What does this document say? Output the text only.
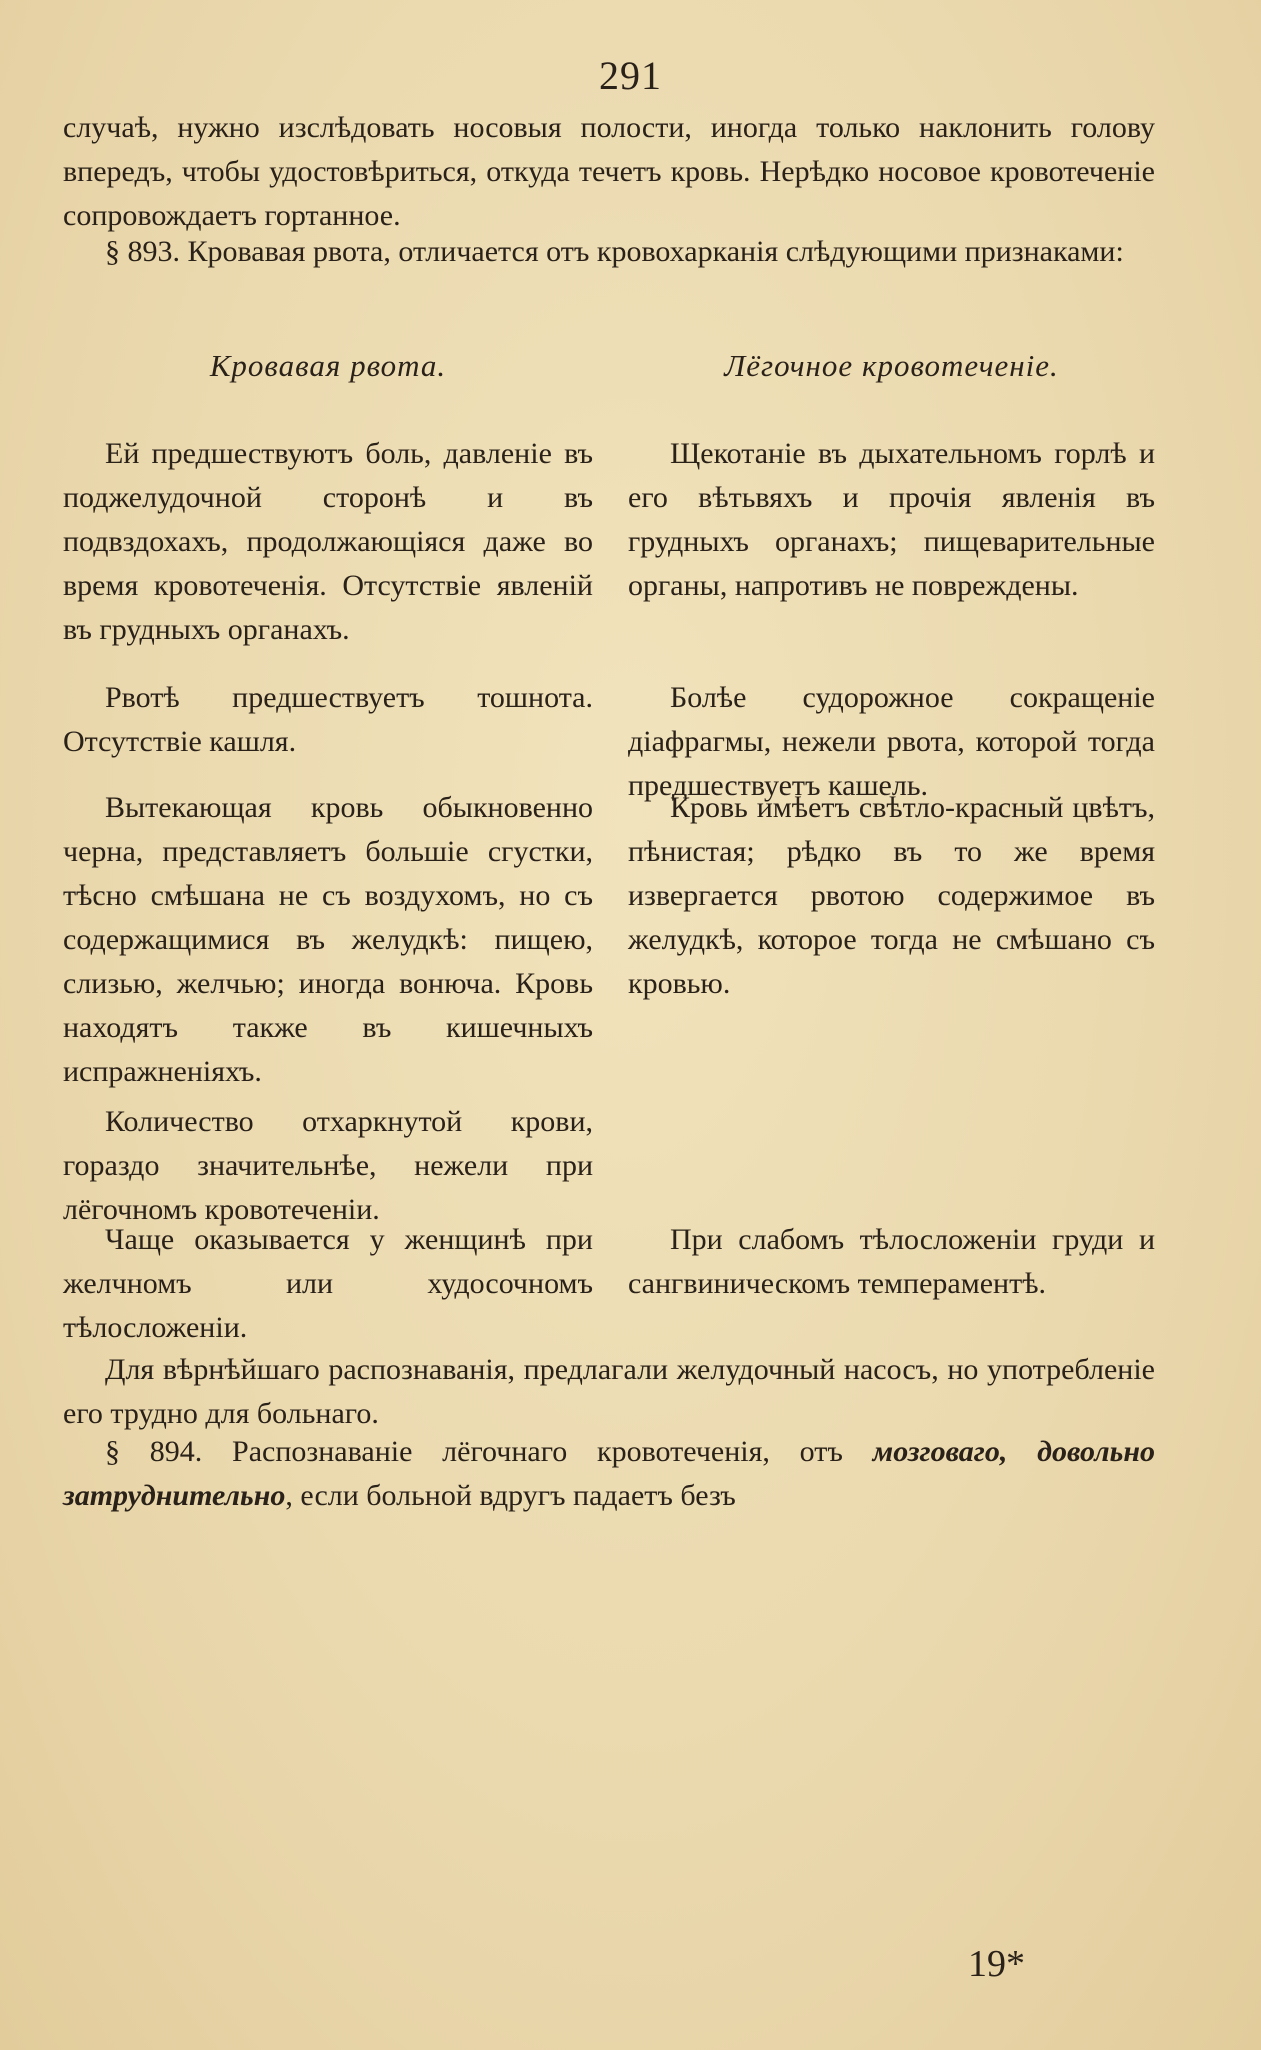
291

случаѣ, нужно изслѣдовать носовыя полости, иногда только наклонить голову впередъ, чтобы удостовѣриться, откуда течетъ кровь. Нерѣдко носовое кровотеченіе сопровождаетъ гортанное.

§ 893. Кровавая рвота, отличается отъ кровохарканія слѣдующими признаками:

Кровавая рвота.	Лёгочное кровотеченіе.

Ей предшествуютъ боль, давленіе въ поджелудочной сторонѣ и въ подвздохахъ, продолжающіяся даже во время кровотеченія. Отсутствіе явленій въ грудныхъ органахъ.

Щекотаніе въ дыхательномъ горлѣ и его вѣтьвяхъ и прочія явленія въ грудныхъ органахъ; пищеварительные органы, напротивъ не повреждены.

Рвотѣ предшествуетъ тошнота. Отсутствіе кашля.

Болѣе судорожное сокращеніе діафрагмы, нежели рвота, которой тогда предшествуетъ кашель.

Вытекающая кровь обыкновенно черна, представляетъ большіе сгустки, тѣсно смѣшана не съ воздухомъ, но съ содержащимися въ желудкѣ: пищею, слизью, желчью; иногда вонюча. Кровь находятъ также въ кишечныхъ испражненіяхъ.

Кровь имѣетъ свѣтло-красный цвѣтъ, пѣнистая; рѣдко въ то же время извергается рвотою содержимое въ желудкѣ, которое тогда не смѣшано съ кровью.

Количество отхаркнутой крови, гораздо значительнѣе, нежели при лёгочномъ кровотеченіи.

Чаще оказывается у женщинѣ при желчномъ или худосочномъ тѣлосложеніи.

При слабомъ тѣлосложеніи груди и сангвиническомъ темпераментѣ.

Для вѣрнѣйшаго распознаванія, предлагали желудочный насосъ, но употребленіе его трудно для больнаго.

§ 894. Распознаваніе лёгочнаго кровотеченія, отъ мозговаго, довольно затруднительно, если больной вдругъ падаетъ безъ

19*
